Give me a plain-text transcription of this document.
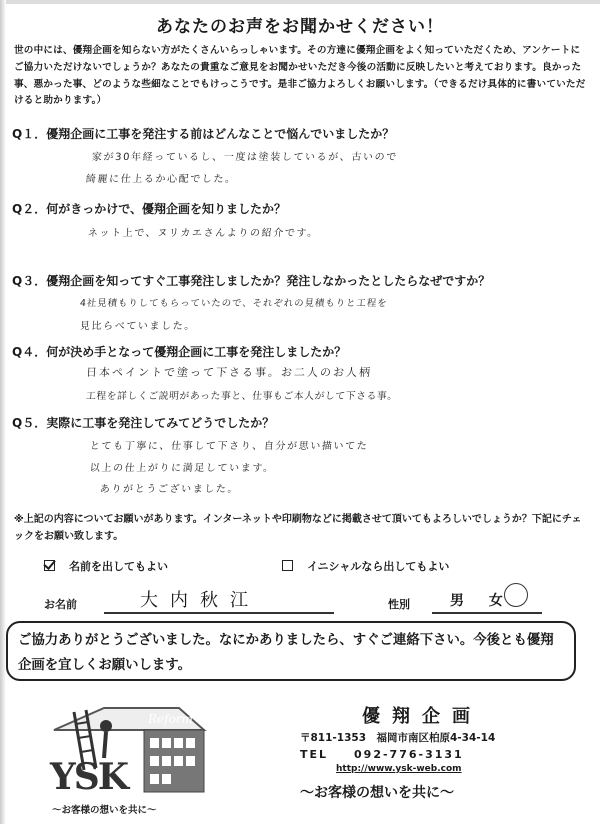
あなたのお声をお聞かせください！
世の中には、優翔企画を知らない方がたくさんいらっしゃいます。その方達に優翔企画をよく知っていただくため、アンケートにご協力いただけないでしょうか？あなたの貴重なご意見をお聞かせいただき今後の活動に反映したいと考えております。良かった事、悪かった事、どのような些細なことでもけっこうです。是非ご協力よろしくお願いします。（できるだけ具体的に書いていただけると助かります。）
Q１．優翔企画に工事を発注する前はどんなことで悩んでいましたか？
家が30年経っているし、一度は塗装しているが、古いので
綺麗に仕上るか心配でした。
Q２．何がきっかけで、優翔企画を知りましたか？
ネット上で、ヌリカエさんよりの紹介です。
Q３．優翔企画を知ってすぐ工事発注しましたか？発注しなかったとしたらなぜですか？
4社見積もりしてもらっていたので、それぞれの見積もりと工程を
見比らべていました。
Q４．何が決め手となって優翔企画に工事を発注しましたか？
日本ペイントで塗って下さる事。お二人のお人柄
工程を詳しくご説明があった事と、仕事もご本人がして下さる事。
Q５．実際に工事を発注してみてどうでしたか？
とても丁寧に、仕事して下さり、自分が思い描いてた
以上の仕上がりに満足しています。
ありがとうございました。
※上記の内容についてお願いがあります。インターネットや印刷物などに掲載させて頂いてもよろしいでしょうか？下記にチェックをお願い致します。
名前を出してもよい	イニシャルなら出してもよい
お名前	大内秋江	性別	男 女
ご協力ありがとうございました。なにかありましたら、すぐご連絡下さい。今後とも優翔企画を宜しくお願いします。
Reform
YSK
～お客様の想いを共に～
優翔企画
〒811-1353　福岡市南区柏原4-34-14
TEL　　092-776-3131
http://www.ysk-web.com
～お客様の想いを共に～
